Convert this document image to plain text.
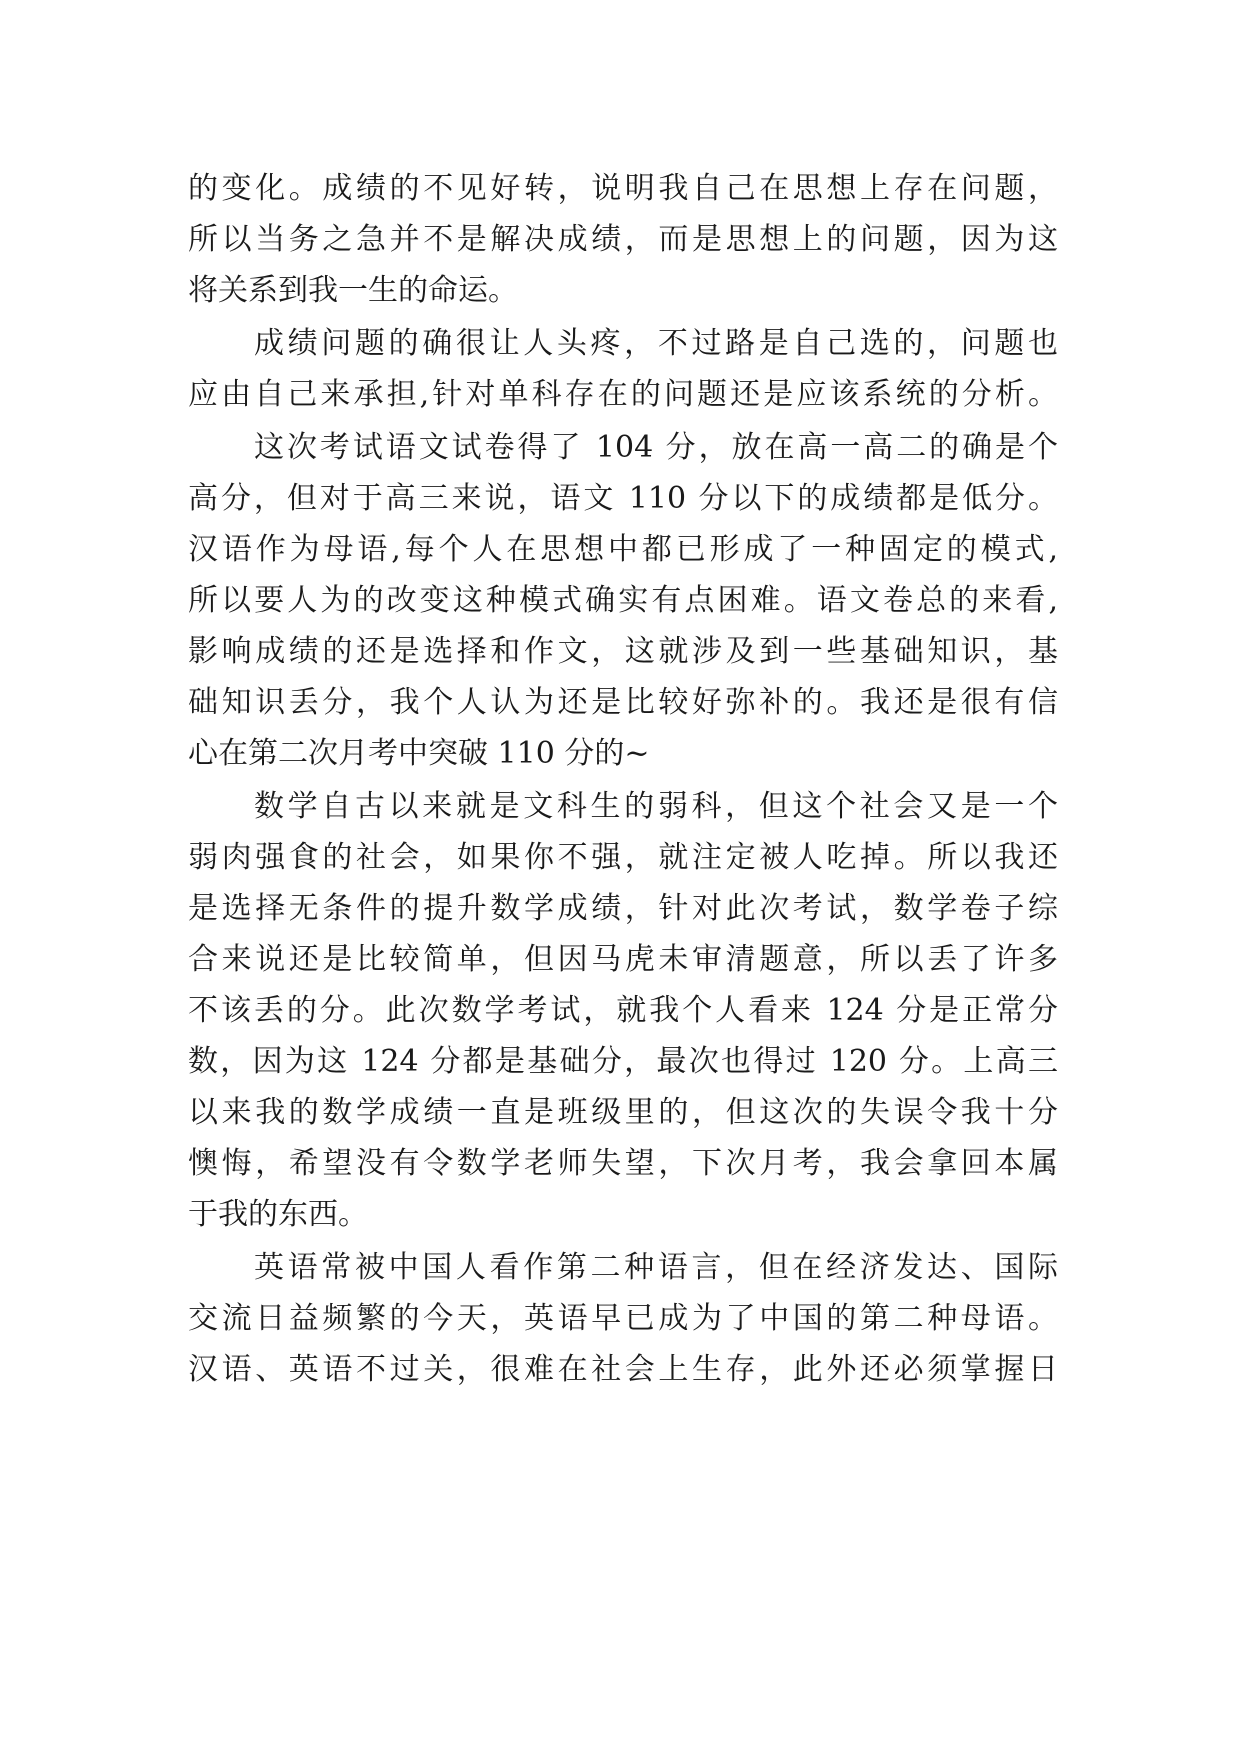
的变化。成绩的不见好转，说明我自己在思想上存在问题，
所以当务之急并不是解决成绩，而是思想上的问题，因为这
将关系到我一生的命运。
成绩问题的确很让人头疼，不过路是自己选的，问题也
应由自己来承担,针对单科存在的问题还是应该系统的分析。
这次考试语文试卷得了 104 分，放在高一高二的确是个
高分，但对于高三来说，语文 110 分以下的成绩都是低分。
汉语作为母语,每个人在思想中都已形成了一种固定的模式,
所以要人为的改变这种模式确实有点困难。语文卷总的来看,
影响成绩的还是选择和作文，这就涉及到一些基础知识，基
础知识丢分，我个人认为还是比较好弥补的。我还是很有信
心在第二次月考中突破 110 分的~
数学自古以来就是文科生的弱科，但这个社会又是一个
弱肉强食的社会，如果你不强，就注定被人吃掉。所以我还
是选择无条件的提升数学成绩，针对此次考试，数学卷子综
合来说还是比较简单，但因马虎未审清题意，所以丢了许多
不该丢的分。此次数学考试，就我个人看来 124 分是正常分
数，因为这 124 分都是基础分，最次也得过 120 分。上高三
以来我的数学成绩一直是班级里的，但这次的失误令我十分
懊悔，希望没有令数学老师失望，下次月考，我会拿回本属
于我的东西。
英语常被中国人看作第二种语言，但在经济发达、国际
交流日益频繁的今天，英语早已成为了中国的第二种母语。
汉语、英语不过关，很难在社会上生存，此外还必须掌握日
